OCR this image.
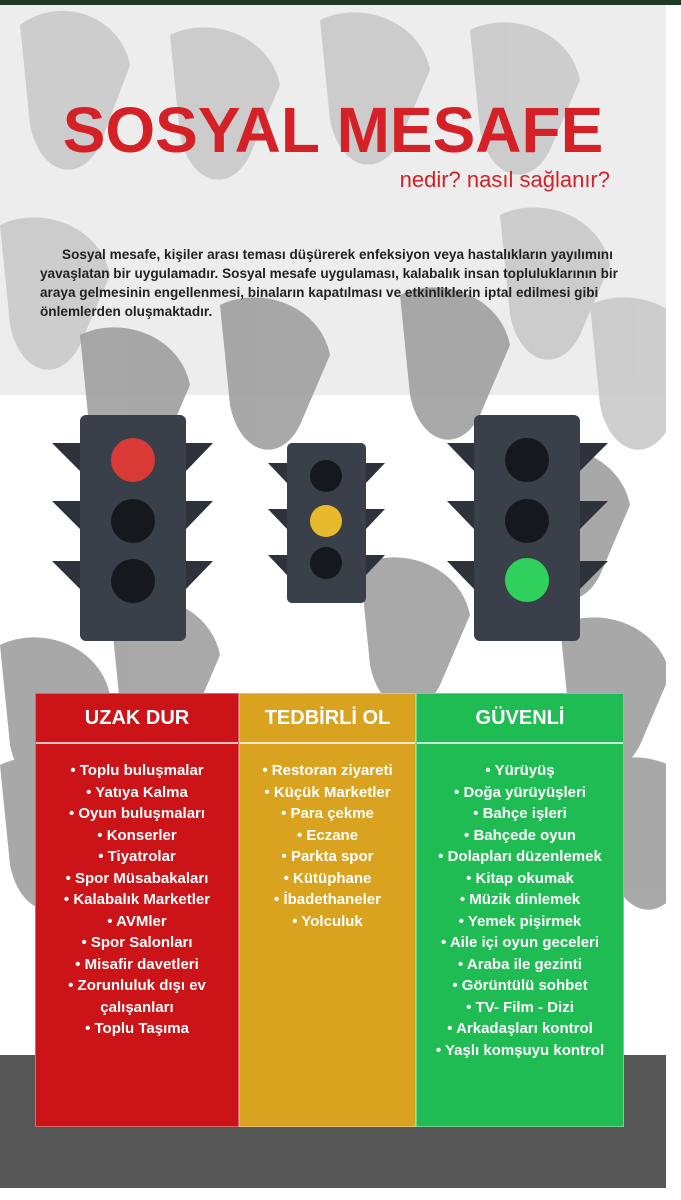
SOSYAL MESAFE
nedir? nasıl sağlanır?
Sosyal mesafe, kişiler arası teması düşürerek enfeksiyon veya hastalıkların yayılımını yavaşlatan bir uygulamadır. Sosyal mesafe uygulaması, kalabalık insan topluluklarının bir araya gelmesinin engellenmesi, binaların kapatılması ve etkinliklerin iptal edilmesi gibi önlemlerden oluşmaktadır.
UZAK DUR
• Toplu buluşmalar
• Yatıya Kalma
• Oyun buluşmaları
• Konserler
• Tiyatrolar
• Spor Müsabakaları
• Kalabalık Marketler
• AVMler
• Spor Salonları
• Misafir davetleri
• Zorunluluk dışı ev
çalışanları
• Toplu Taşıma
TEDBİRLİ OL
• Restoran ziyareti
• Küçük Marketler
• Para çekme
• Eczane
• Parkta spor
• Kütüphane
• İbadethaneler
• Yolculuk
GÜVENLİ
• Yürüyüş
• Doğa yürüyüşleri
• Bahçe işleri
• Bahçede oyun
• Dolapları düzenlemek
• Kitap okumak
• Müzik dinlemek
• Yemek pişirmek
• Aile içi oyun geceleri
• Araba ile gezinti
• Görüntülü sohbet
• TV- Film - Dizi
• Arkadaşları kontrol
• Yaşlı komşuyu kontrol
